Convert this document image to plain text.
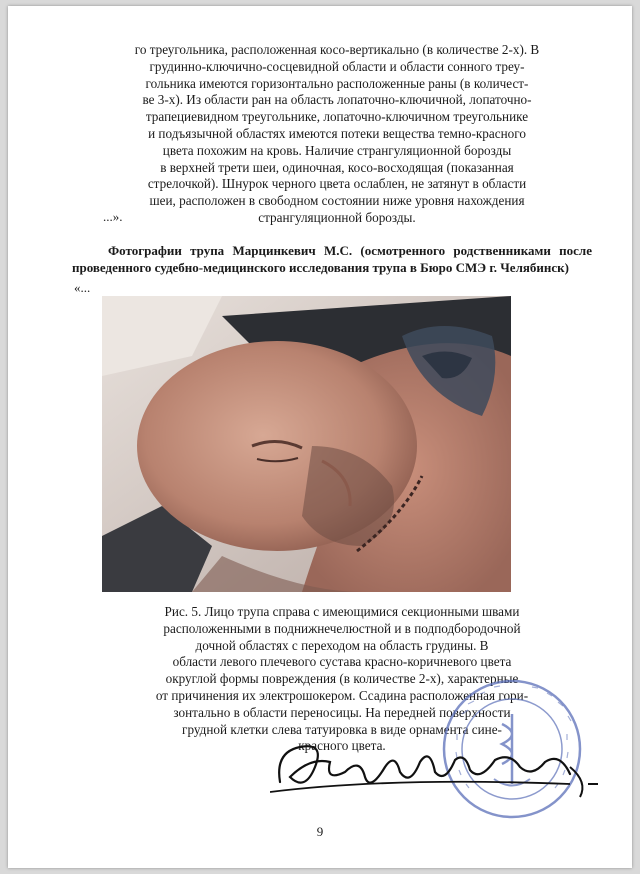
го треугольника, расположенная косо-вертикально (в количестве 2-х). В
грудинно-ключично-сосцевидной области и области сонного треу-
гольника имеются горизонтально расположенные раны (в количест-
ве 3-х). Из области ран на область лопаточно-ключичной, лопаточно-
трапециевидном треугольнике, лопаточно-ключичном треугольнике
и подъязычной областях имеются потеки вещества темно-красного
цвета похожим на кровь. Наличие странгуляционной борозды
в верхней трети шеи, одиночная, косо-восходящая (показанная
стрелочкой). Шнурок черного цвета ослаблен, не затянут в области
шеи, расположен в свободном состоянии ниже уровня нахождения
странгуляционной борозды.
...».
Фотографии трупа Марцинкевич М.С. (осмотренного родственниками после проведенного судебно-медицинского исследования трупа в Бюро СМЭ г. Челябинск)
«...
Рис. 5. Лицо трупа справа с имеющимися секционными швами
расположенными в поднижнечелюстной и в подподбородочной
дочной областях с переходом на область грудины. В
области левого плечевого сустава красно-коричневого цвета
округлой формы повреждения (в количестве 2-х), характерные
от причинения их электрошокером. Ссадина расположенная гори-
зонтально в области переносицы. На передней поверхности
грудной клетки слева татуировка в виде орнамента сине-
красного цвета.
9
